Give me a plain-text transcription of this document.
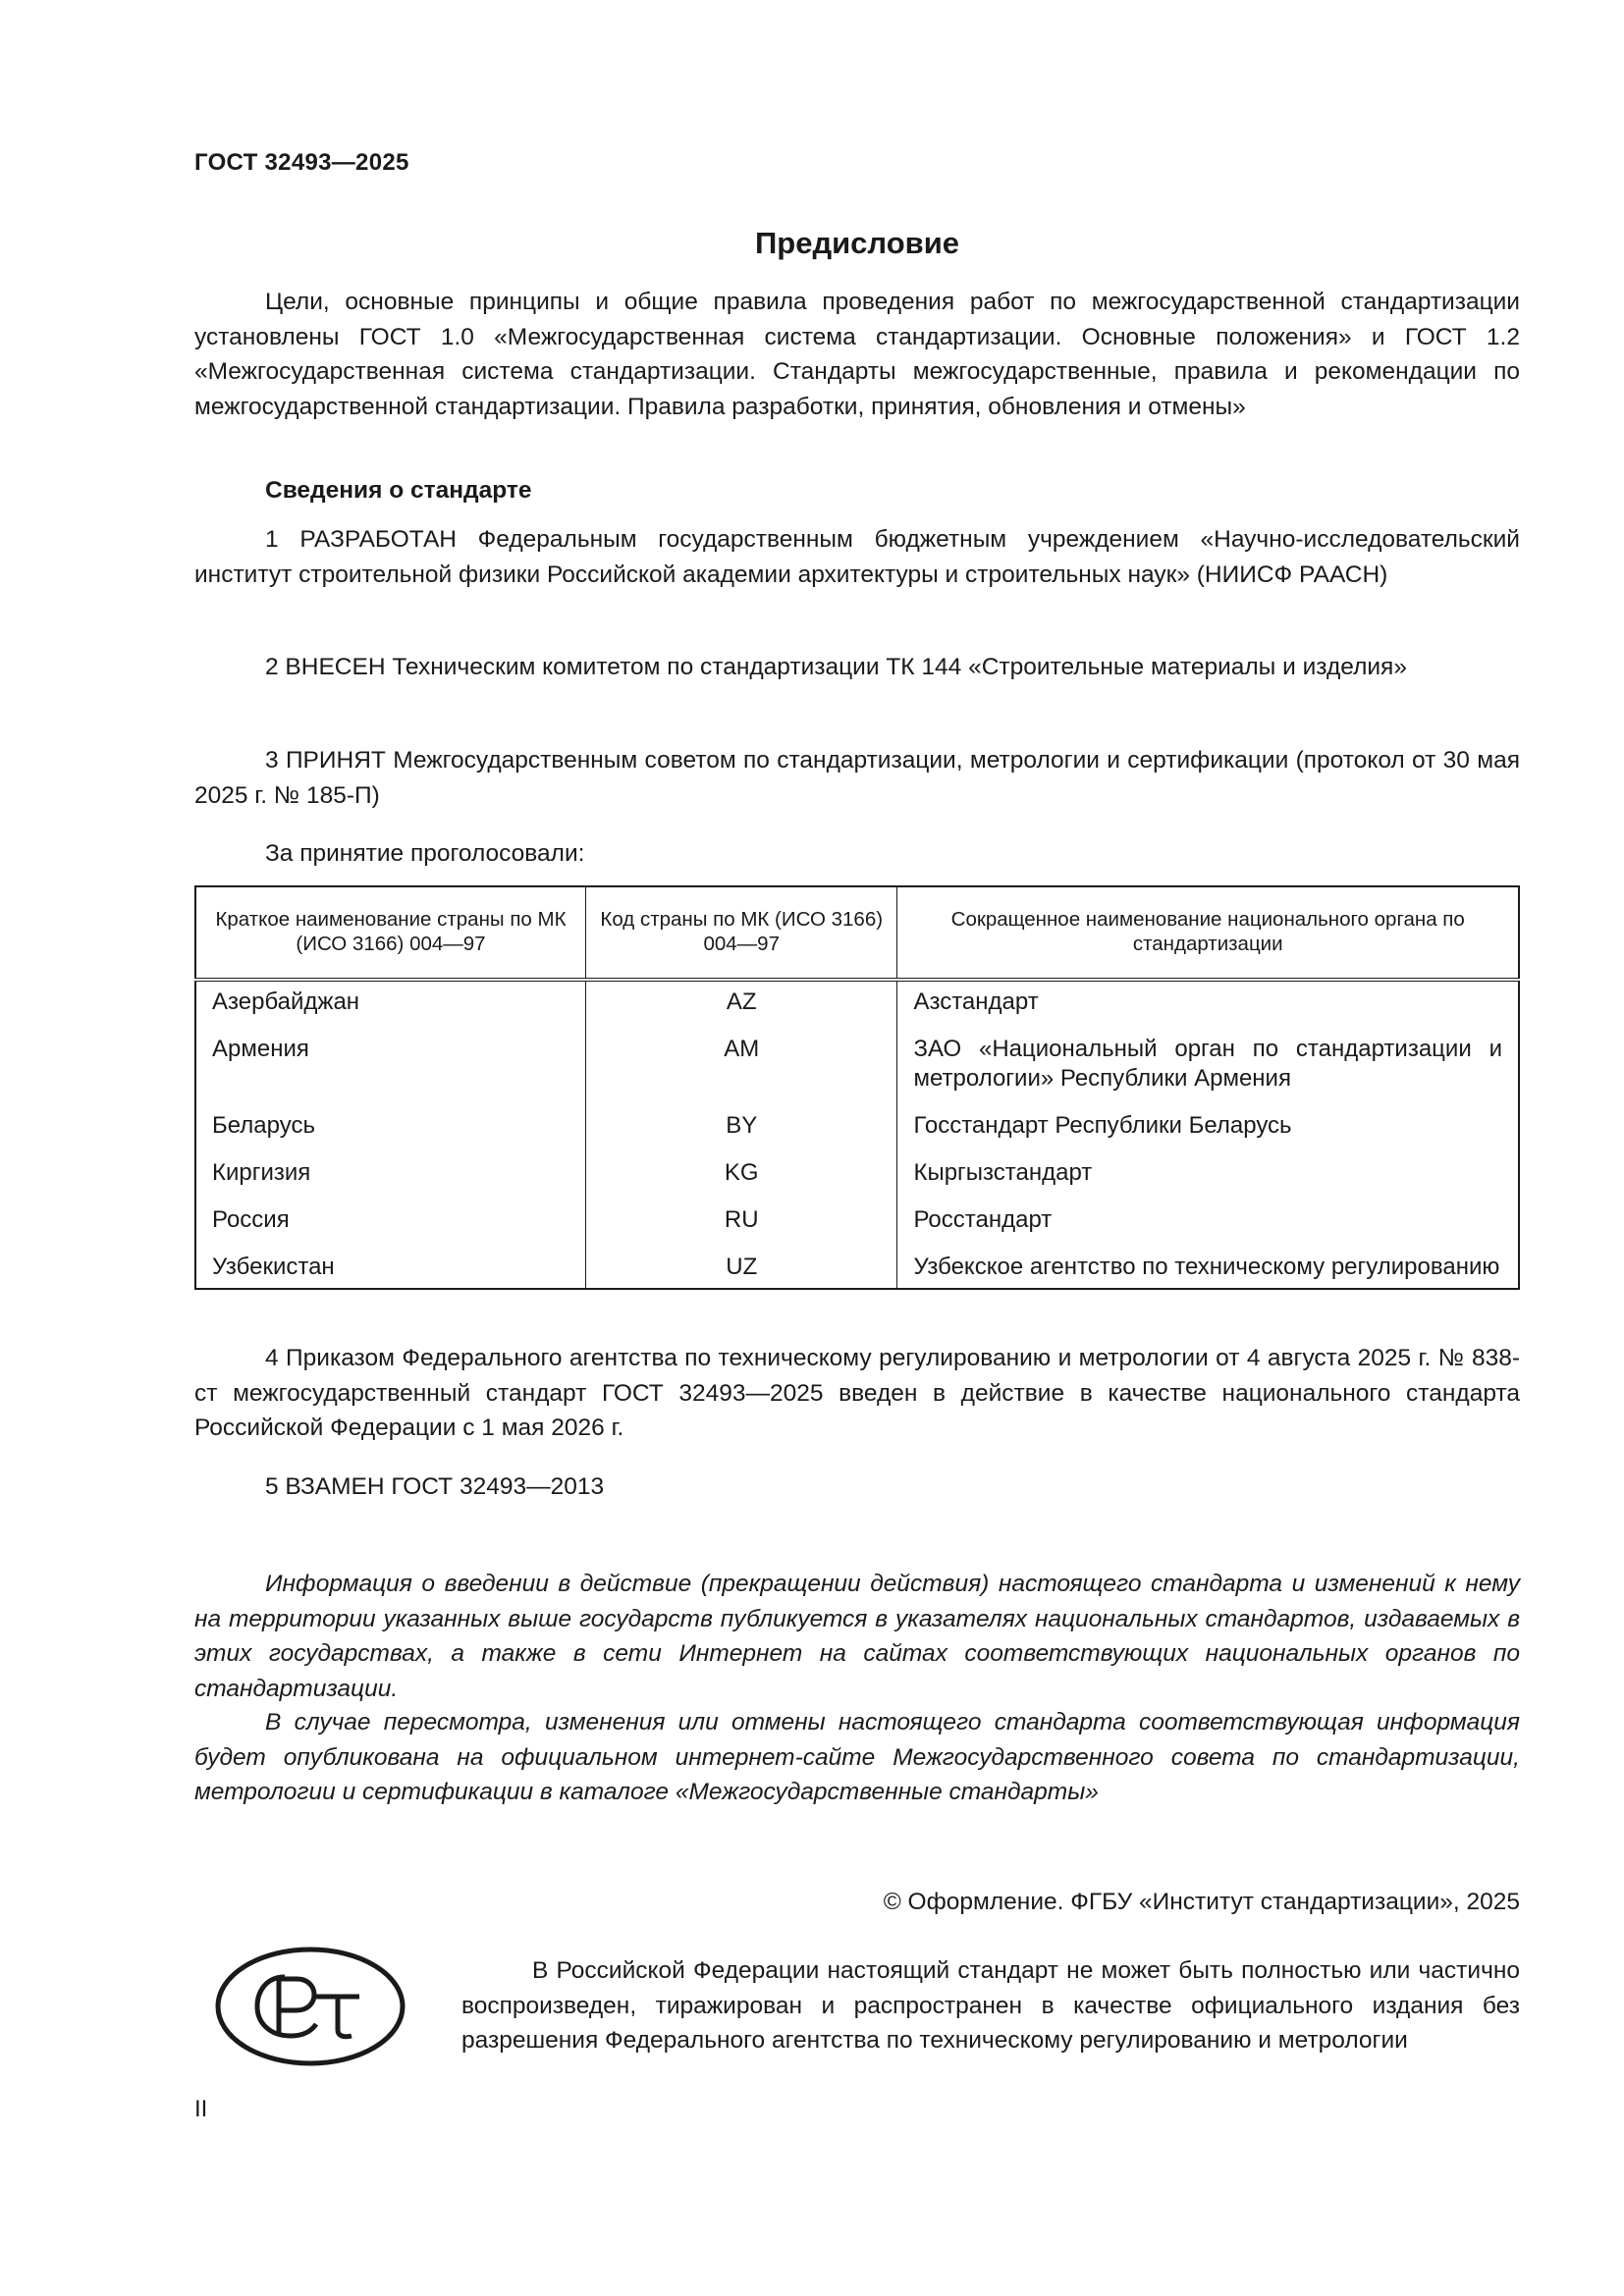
ГОСТ 32493—2025
Предисловие

Цели, основные принципы и общие правила проведения работ по межгосударственной стандартизации установлены ГОСТ 1.0 «Межгосударственная система стандартизации. Основные положения» и ГОСТ 1.2 «Межгосударственная система стандартизации. Стандарты межгосударственные, правила и рекомендации по межгосударственной стандартизации. Правила разработки, принятия, обновления и отмены»

Сведения о стандарте

1 РАЗРАБОТАН Федеральным государственным бюджетным учреждением «Научно-исследовательский институт строительной физики Российской академии архитектуры и строительных наук» (НИИСФ РААСН)

2 ВНЕСЕН Техническим комитетом по стандартизации ТК 144 «Строительные материалы и изделия»

3 ПРИНЯТ Межгосударственным советом по стандартизации, метрологии и сертификации (протокол от 30 мая 2025 г. № 185-П)

За принятие проголосовали:
Краткое наименование страны по МК (ИСО 3166) 004—97	Код страны по МК (ИСО 3166) 004—97	Сокращенное наименование национального органа по стандартизации
Азербайджан	AZ	Азстандарт
Армения	AM	ЗАО «Национальный орган по стандартизации и метрологии» Республики Армения
Беларусь	BY	Госстандарт Республики Беларусь
Киргизия	KG	Кыргызстандарт
Россия	RU	Росстандарт
Узбекистан	UZ	Узбекское агентство по техническому регулированию

4 Приказом Федерального агентства по техническому регулированию и метрологии от 4 августа 2025 г. № 838-ст межгосударственный стандарт ГОСТ 32493—2025 введен в действие в качестве национального стандарта Российской Федерации с 1 мая 2026 г.

5 ВЗАМЕН ГОСТ 32493—2013

Информация о введении в действие (прекращении действия) настоящего стандарта и изменений к нему на территории указанных выше государств публикуется в указателях национальных стандартов, издаваемых в этих государствах, а также в сети Интернет на сайтах соответствующих национальных органов по стандартизации.

В случае пересмотра, изменения или отмены настоящего стандарта соответствующая информация будет опубликована на официальном интернет-сайте Межгосударственного совета по стандартизации, метрологии и сертификации в каталоге «Межгосударственные стандарты»

© Оформление. ФГБУ «Институт стандартизации», 2025

В Российской Федерации настоящий стандарт не может быть полностью или частично воспроизведен, тиражирован и распространен в качестве официального издания без разрешения Федерального агентства по техническому регулированию и метрологии

II
